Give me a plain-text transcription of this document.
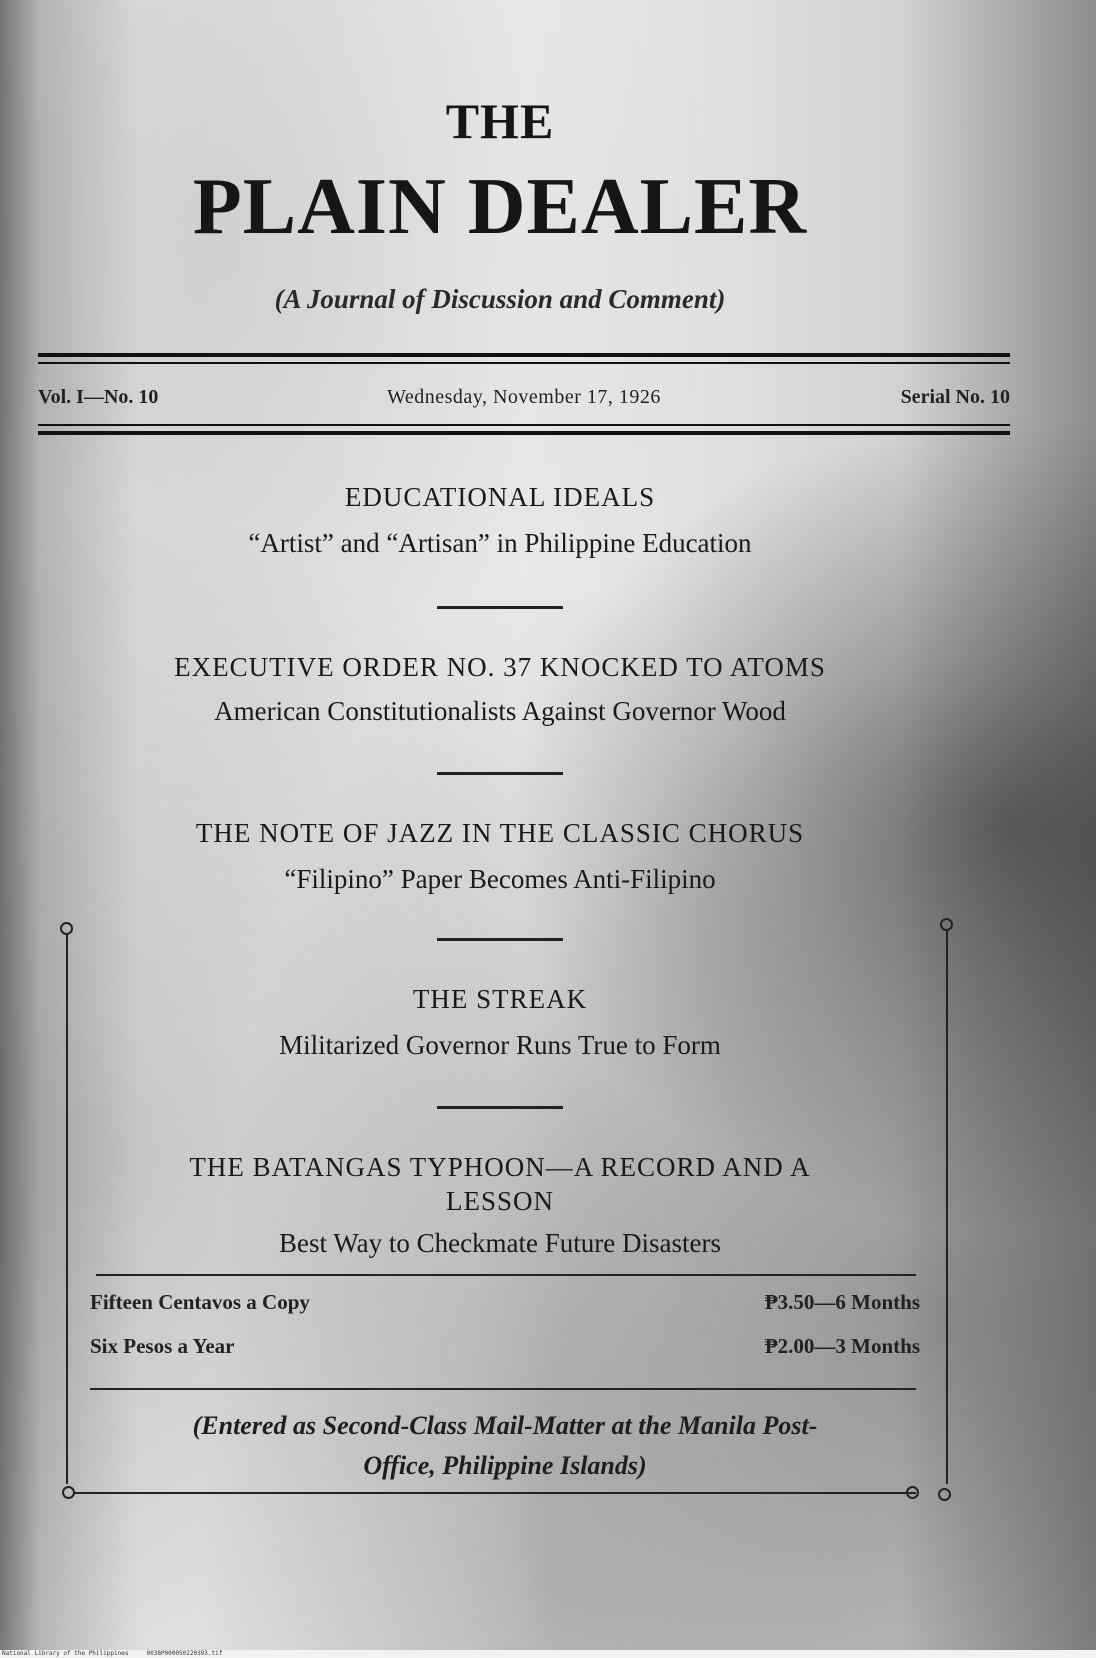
THE
PLAIN DEALER
(A Journal of Discussion and Comment)
Vol. I—No. 10	Wednesday, November 17, 1926	Serial No. 10
EDUCATIONAL IDEALS
“Artist” and “Artisan” in Philippine Education
EXECUTIVE ORDER NO. 37 KNOCKED TO ATOMS
American Constitutionalists Against Governor Wood
THE NOTE OF JAZZ IN THE CLASSIC CHORUS
“Filipino” Paper Becomes Anti-Filipino
THE STREAK
Militarized Governor Runs True to Form
THE BATANGAS TYPHOON—A RECORD AND A
LESSON
Best Way to Checkmate Future Disasters
Fifteen Centavos a Copy	₱3.50—6 Months
Six Pesos a Year	₱2.00—3 Months
(Entered as Second-Class Mail-Matter at the Manila Post-
Office, Philippine Islands)
National Library of the Philippines     0038P000050220393.tif
